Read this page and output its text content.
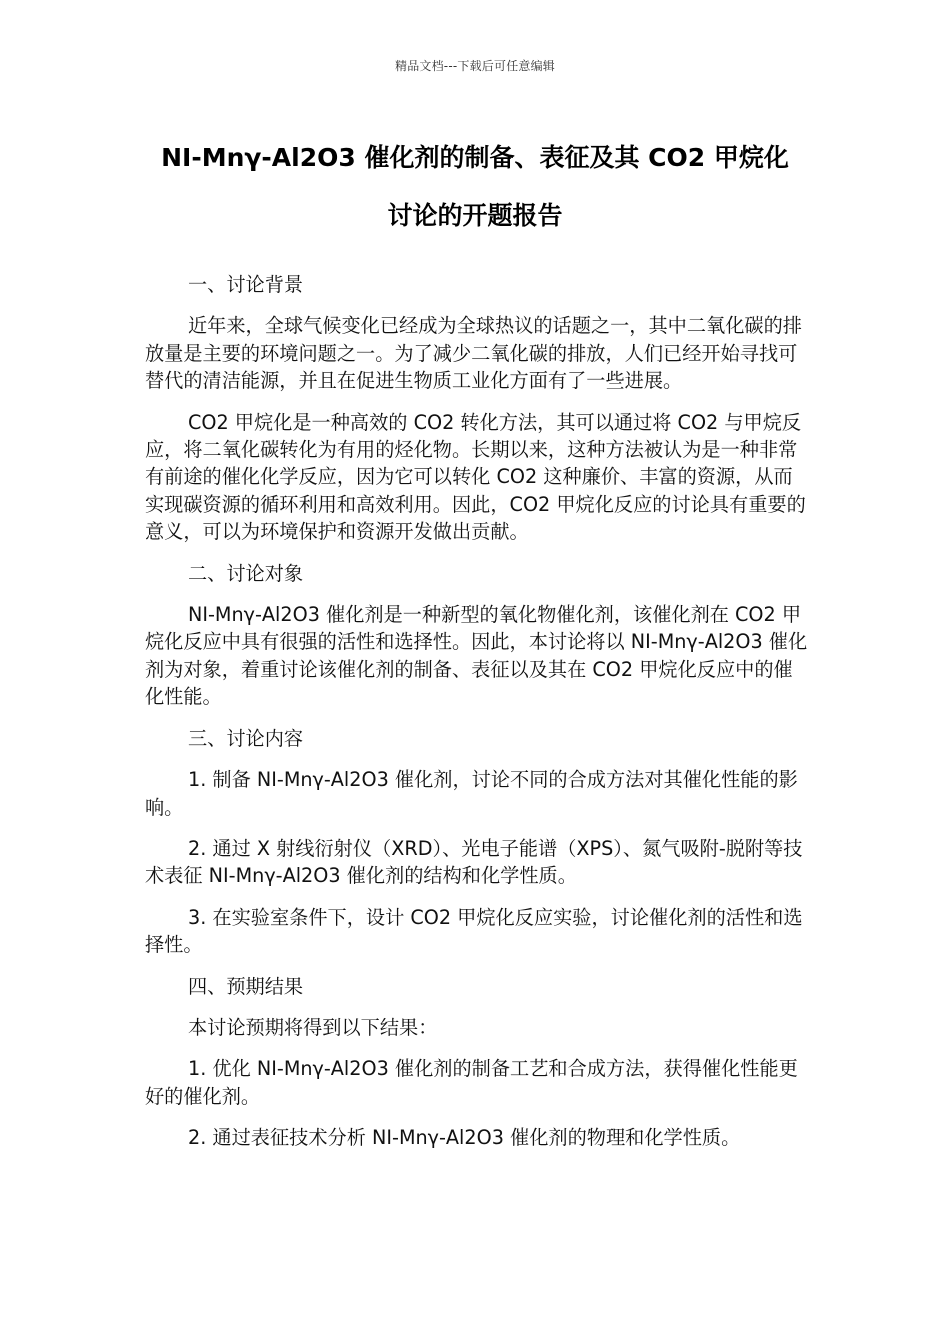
精品文档---下载后可任意编辑
NI-Mnγ-Al2O3 催化剂的制备、表征及其 CO2 甲烷化
讨论的开题报告

一、讨论背景

近年来，全球气候变化已经成为全球热议的话题之一，其中二氧化碳的排放量是主要的环境问题之一。为了减少二氧化碳的排放，人们已经开始寻找可替代的清洁能源，并且在促进生物质工业化方面有了一些进展。

CO2 甲烷化是一种高效的 CO2 转化方法，其可以通过将 CO2 与甲烷反应，将二氧化碳转化为有用的烃化物。长期以来，这种方法被认为是一种非常有前途的催化化学反应，因为它可以转化 CO2 这种廉价、丰富的资源，从而实现碳资源的循环利用和高效利用。因此，CO2 甲烷化反应的讨论具有重要的意义，可以为环境保护和资源开发做出贡献。

二、讨论对象

NI-Mnγ-Al2O3 催化剂是一种新型的氧化物催化剂，该催化剂在 CO2 甲烷化反应中具有很强的活性和选择性。因此，本讨论将以 NI-Mnγ-Al2O3 催化剂为对象，着重讨论该催化剂的制备、表征以及其在 CO2 甲烷化反应中的催化性能。

三、讨论内容

1. 制备 NI-Mnγ-Al2O3 催化剂，讨论不同的合成方法对其催化性能的影响。

2. 通过 X 射线衍射仪（XRD）、光电子能谱（XPS）、氮气吸附-脱附等技术表征 NI-Mnγ-Al2O3 催化剂的结构和化学性质。

3. 在实验室条件下，设计 CO2 甲烷化反应实验，讨论催化剂的活性和选择性。

四、预期结果

本讨论预期将得到以下结果：

1. 优化 NI-Mnγ-Al2O3 催化剂的制备工艺和合成方法，获得催化性能更好的催化剂。

2. 通过表征技术分析 NI-Mnγ-Al2O3 催化剂的物理和化学性质。
